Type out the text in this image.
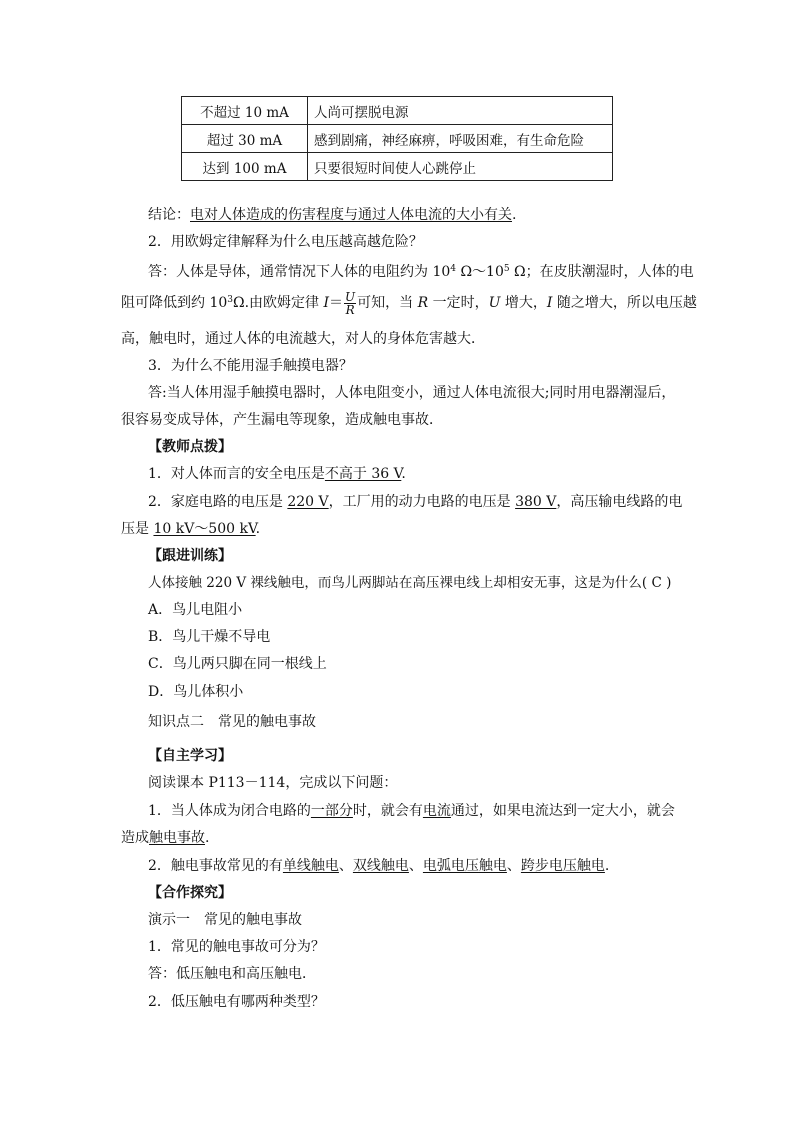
不超过 10 mA	人尚可摆脱电源
超过 30 mA	感到剧痛，神经麻痹，呼吸困难，有生命危险
达到 100 mA	只要很短时间使人心跳停止
结论：电对人体造成的伤害程度与通过人体电流的大小有关.
2．用欧姆定律解释为什么电压越高越危险？
答：人体是导体，通常情况下人体的电阻约为 $10^4$ $\Omega\sim 10^5$ Ω；在皮肤潮湿时，人体的电
阻可降低到约 $10^3\Omega$.由欧姆定律 $I= \frac{U}{R}$ 可知，当 R 一定时，U 增大，I 随之增大，所以电压越
高，触电时，通过人体的电流越大，对人的身体危害越大．
3．为什么不能用湿手触摸电器？
答:当人体用湿手触摸电器时，人体电阻变小，通过人体电流很大;同时用电器潮湿后，
很容易变成导体，产生漏电等现象，造成触电事故．
【教师点拨】
1．对人体而言的安全电压是不高于 36 V.
2．家庭电路的电压是 220 V，工厂用的动力电路的电压是 380 V，高压输电线路的电
压是 10 kV～500 kV.
【跟进训练】
人体接触 220 V 裸线触电，而鸟儿两脚站在高压裸电线上却相安无事，这是为什么( C )
A．鸟儿电阻小
B．鸟儿干燥不导电
C．鸟儿两只脚在同一根线上
D．鸟儿体积小
知识点二　常见的触电事故
【自主学习】
阅读课本 P113－114，完成以下问题：
1．当人体成为闭合电路的一部分时，就会有电流通过，如果电流达到一定大小，就会
造成触电事故.
2．触电事故常见的有单线触电、双线触电、电弧电压触电、跨步电压触电.
【合作探究】
演示一　常见的触电事故
1．常见的触电事故可分为？
答：低压触电和高压触电．
2．低压触电有哪两种类型？
